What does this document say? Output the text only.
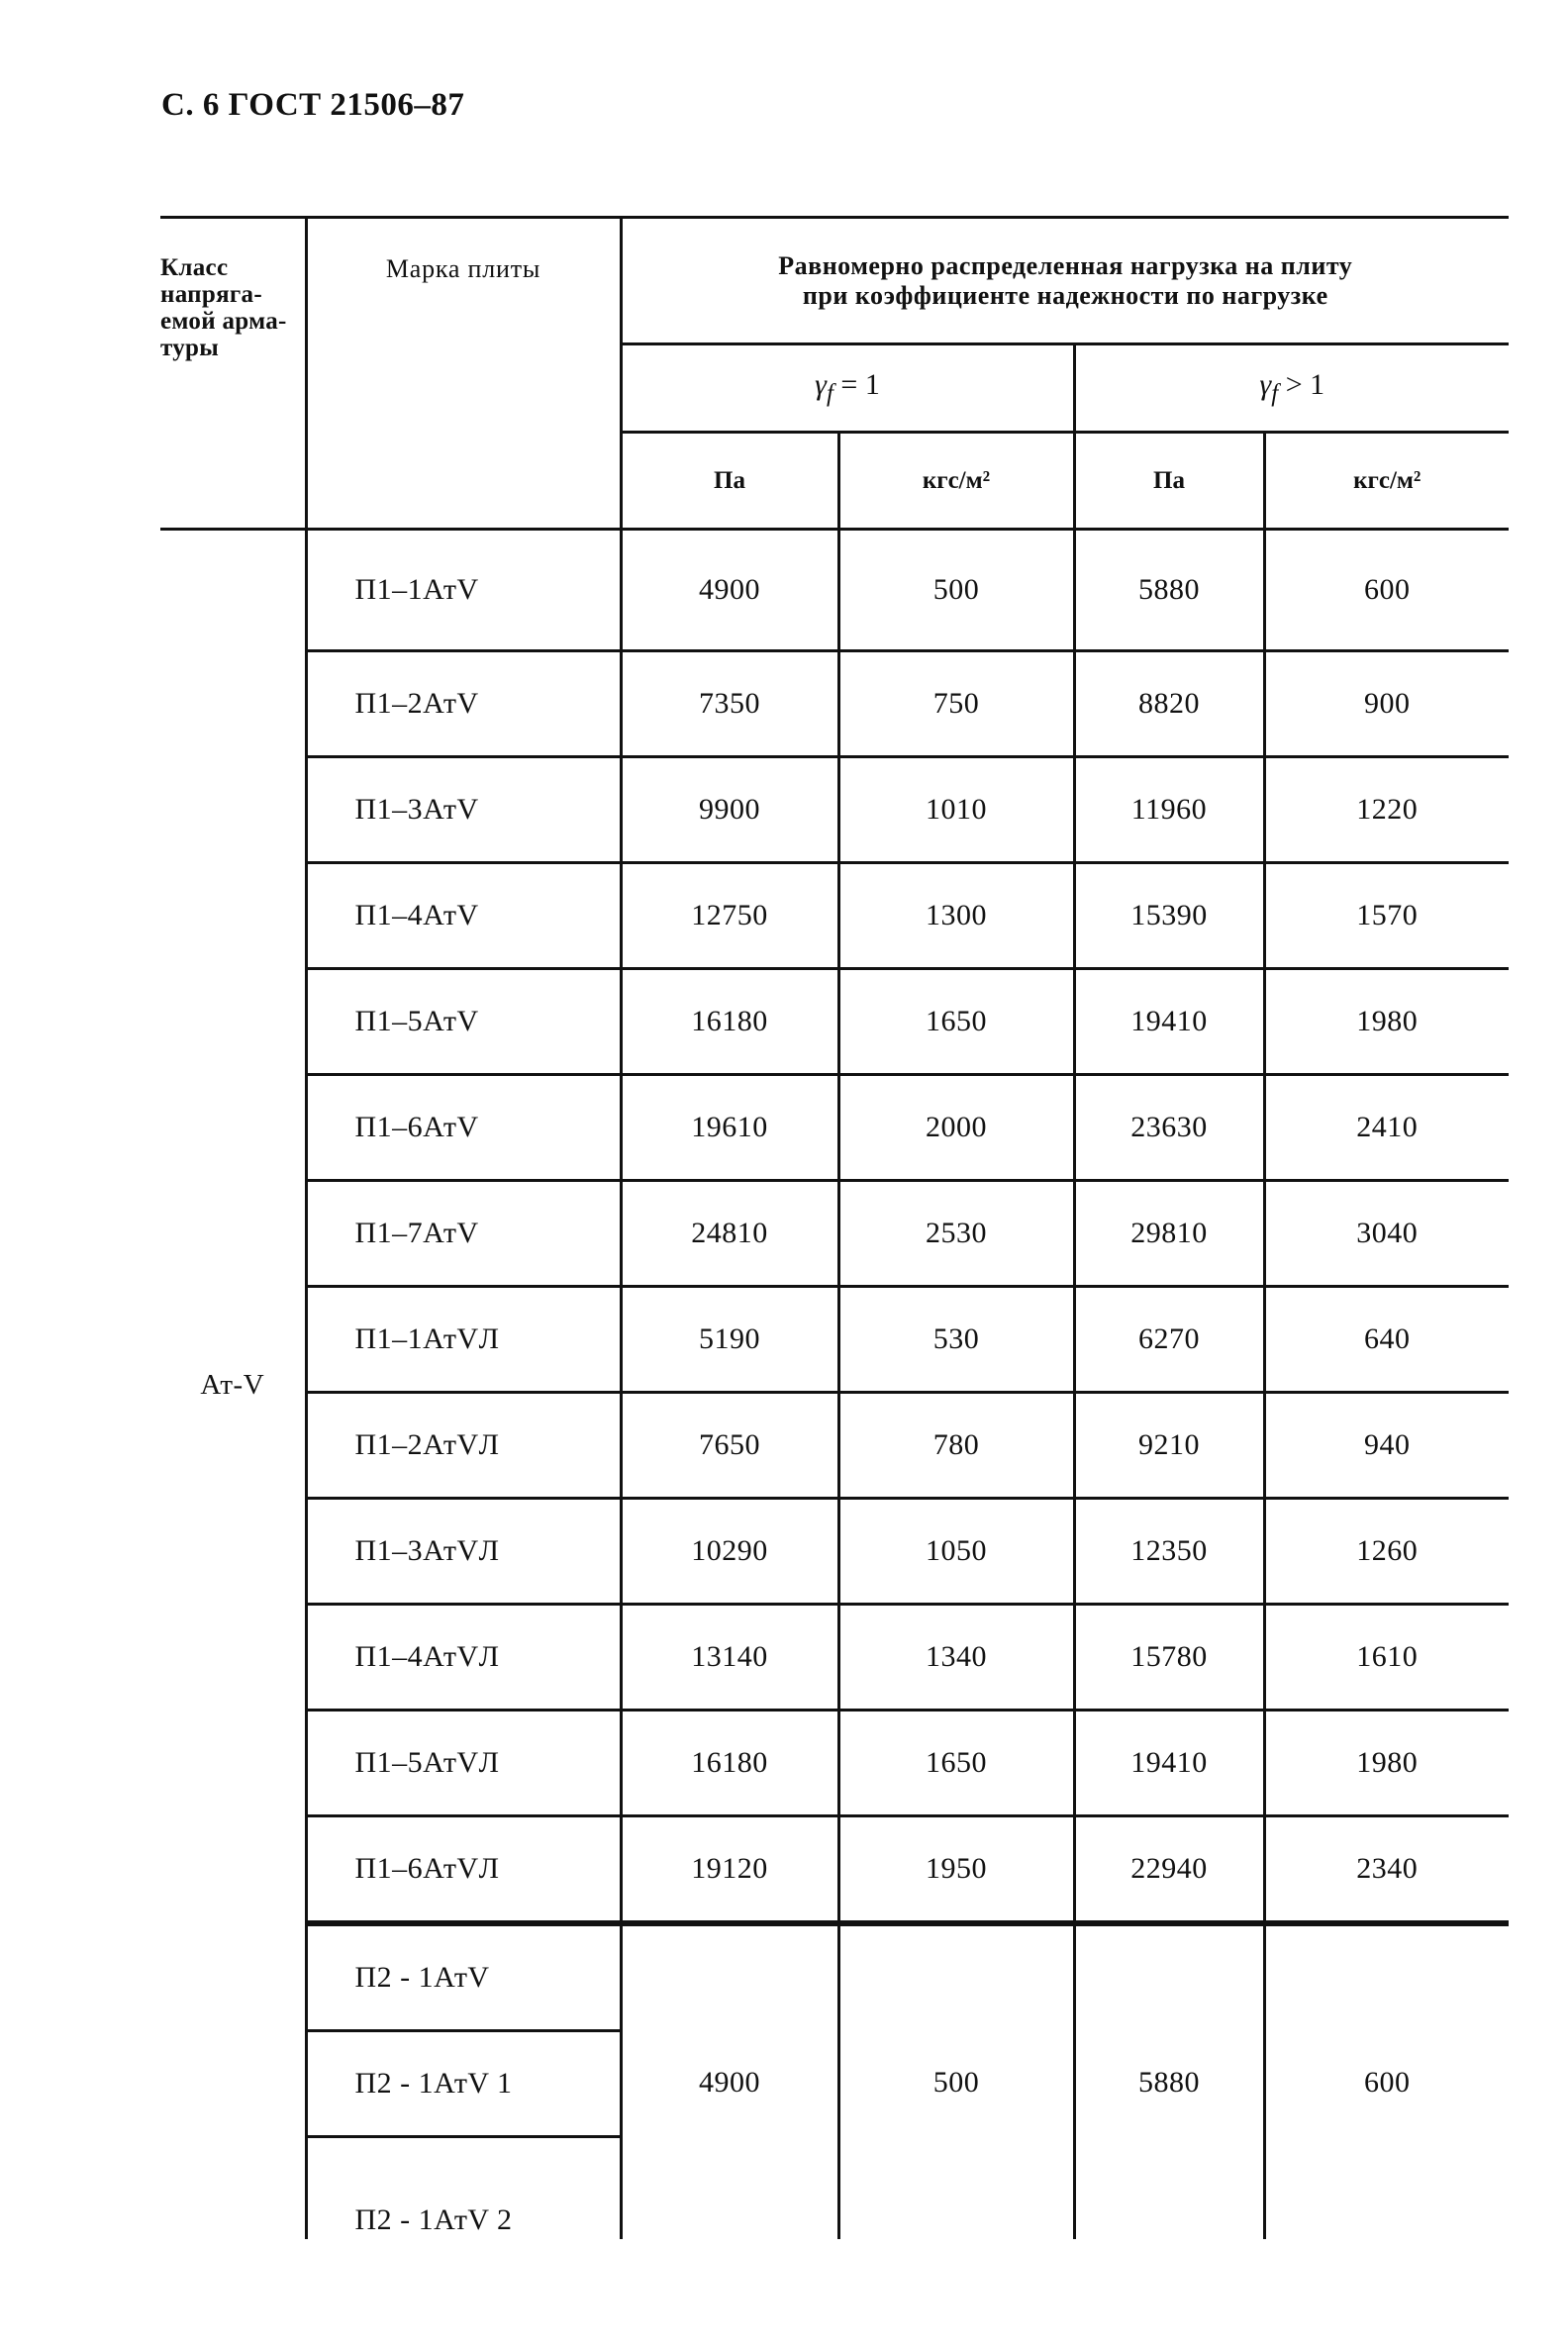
С. 6 ГОСТ 21506–87
Класс напряга- емой арма- туры	Марка плиты	Равномерно распределенная нагрузка на плиту
при коэффициенте надежности по нагрузке			

		$\gamma_f = 1$		$\gamma_f > 1$	
		Па	кгс/м²	Па	кгс/м²
Ат-V	П1–1АтV	4900	500	5880	600
	П1–2АтV	7350	750	8820	900
	П1–3АтV	9900	1010	11960	1220
	П1–4АтV	12750	1300	15390	1570
	П1–5АтV	16180	1650	19410	1980
	П1–6АтV	19610	2000	23630	2410
	П1–7АтV	24810	2530	29810	3040
	П1–1АтVЛ	5190	530	6270	640
	П1–2АтVЛ	7650	780	9210	940
	П1–3АтVЛ	10290	1050	12350	1260
	П1–4АтVЛ	13140	1340	15780	1610
	П1–5АтVЛ	16180	1650	19410	1980
	П1–6АтVЛ	19120	1950	22940	2340
	П2 - 1АтV	4900	500	5880	600
	П2 - 1АтV 1				
	П2 - 1АтV 2				
